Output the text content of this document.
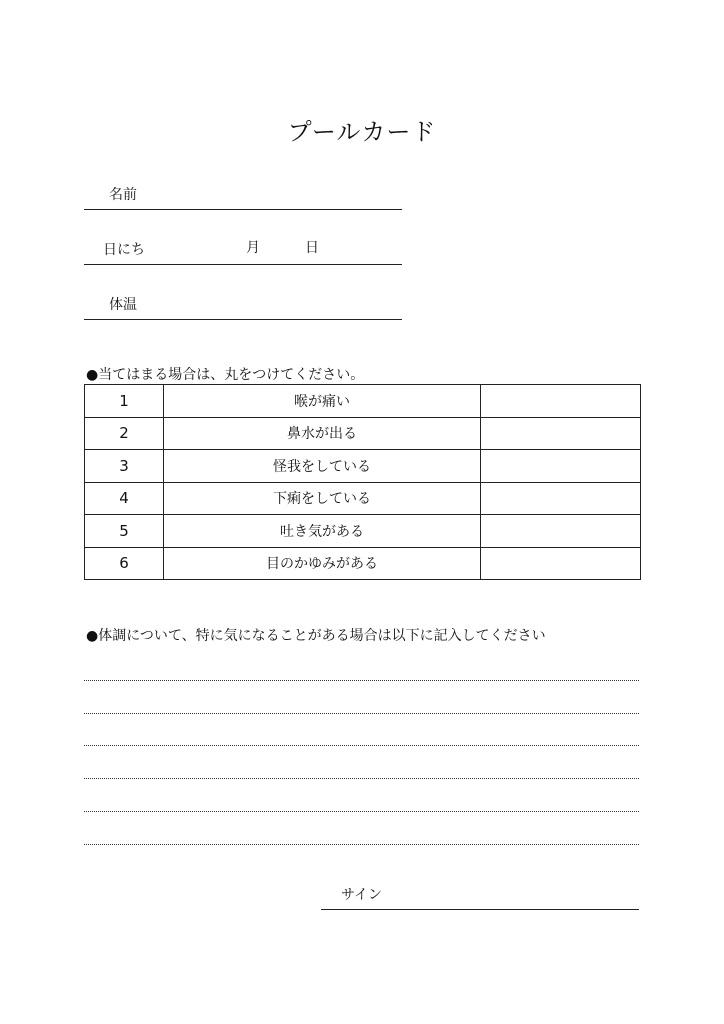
プールカード
名前
日にち	月	日
体温
●当てはまる場合は、丸をつけてください。
1	喉が痛い	
2	鼻水が出る	
3	怪我をしている	
4	下痢をしている	
5	吐き気がある	
6	目のかゆみがある	
●体調について、特に気になることがある場合は以下に記入してください
サイン
